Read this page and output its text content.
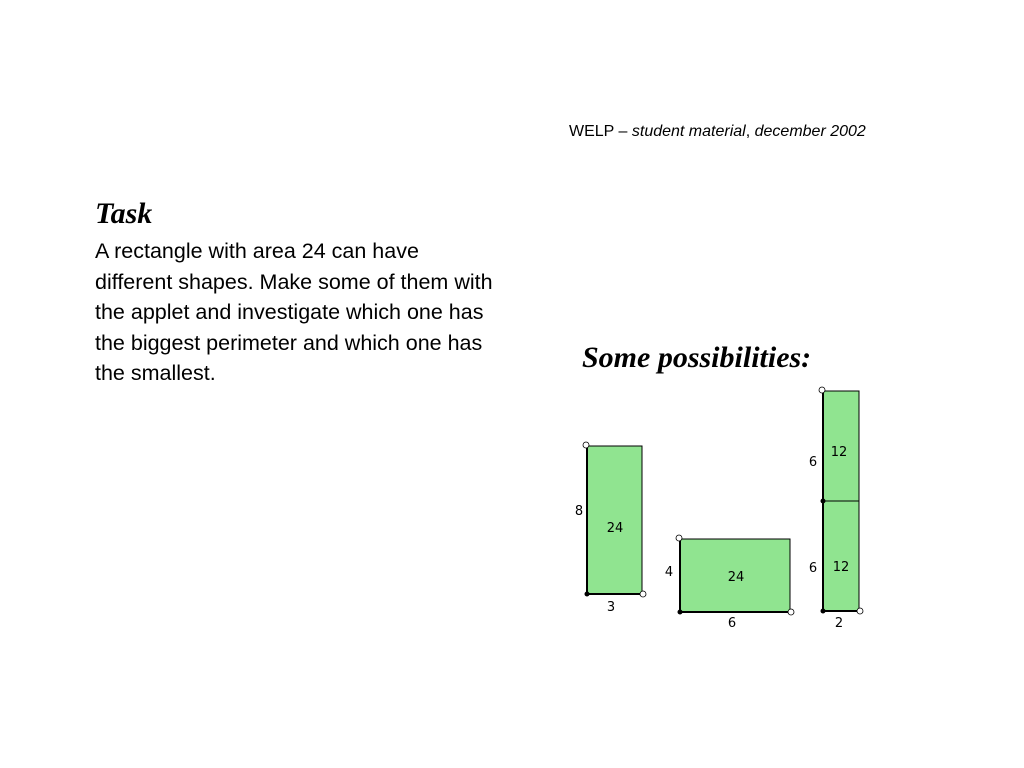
WELP – student material, december 2002
Task

A rectangle with area 24 can have different shapes. Make some of them with the applet and investigate which one has the biggest perimeter and which one has the smallest.	Some possibilities:
24
8
3
24
4
6
12
12
6
6
2
